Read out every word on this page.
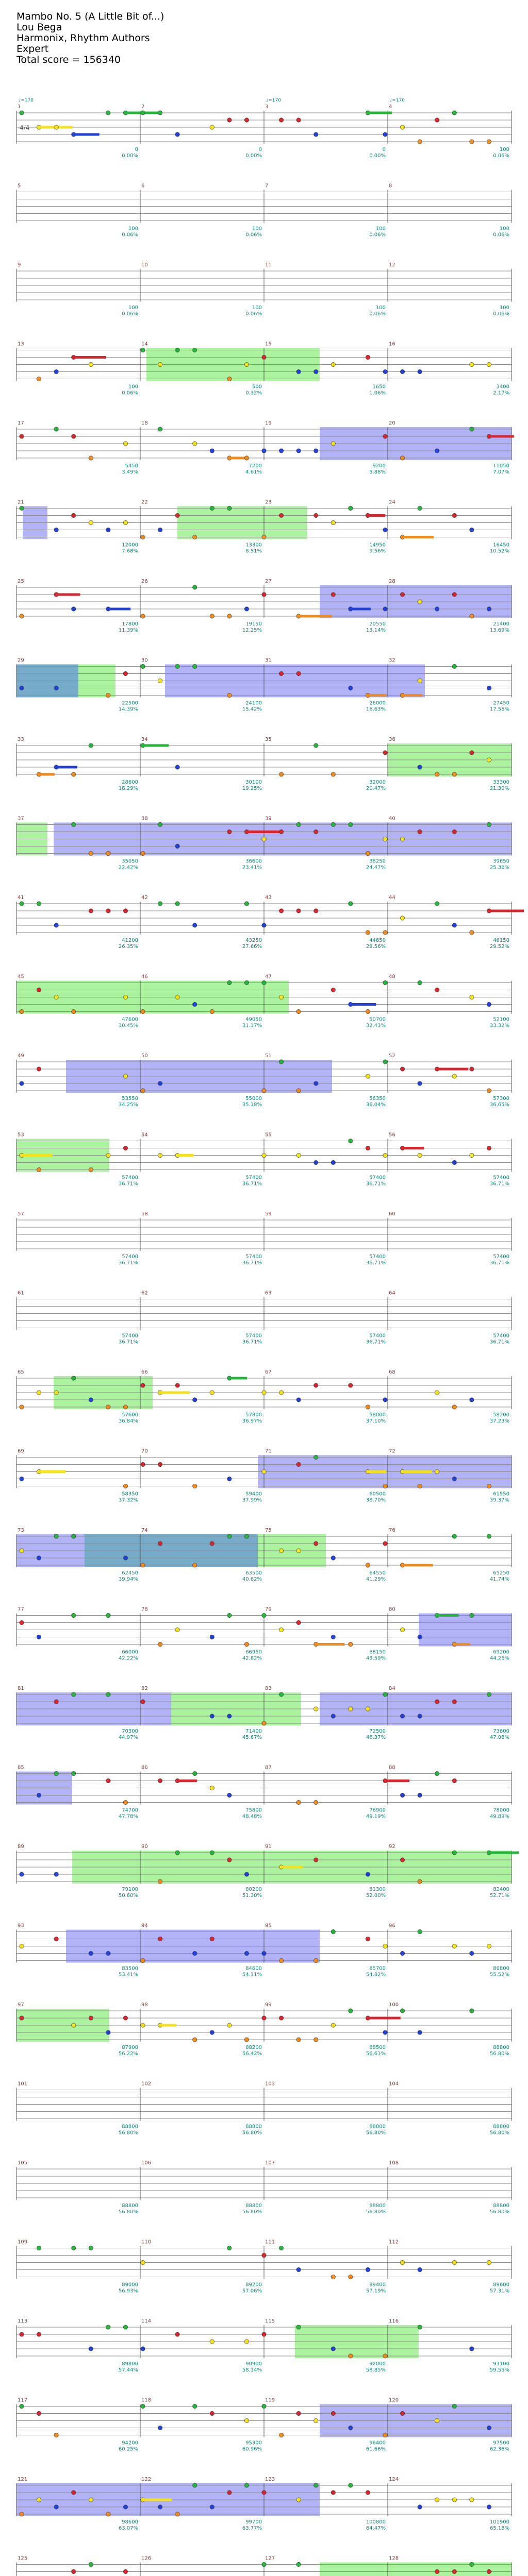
Mambo No. 5 (A Little Bit of...)
Lou Bega
Harmonix, Rhythm Authors
Expert
Total score = 156340
1
0
0.00%
2
0
0.00%
3
0
0.00%
4
100
0.06%
5
100
0.06%
6
100
0.06%
7
100
0.06%
8
100
0.06%
9
100
0.06%
10
100
0.06%
11
100
0.06%
12
100
0.06%
13
100
0.06%
14
500
0.32%
15
1650
1.06%
16
3400
2.17%
17
5450
3.49%
18
7200
4.61%
19
9200
5.88%
20
11050
7.07%
21
12000
7.68%
22
13300
8.51%
23
14950
9.56%
24
16450
10.52%
25
17800
11.39%
26
19150
12.25%
27
20550
13.14%
28
21400
13.69%
29
22500
14.39%
30
24100
15.42%
31
26000
16.63%
32
27450
17.56%
33
28600
18.29%
34
30100
19.25%
35
32000
20.47%
36
33300
21.30%
37
35050
22.42%
38
36600
23.41%
39
38250
24.47%
40
39650
25.36%
41
41200
26.35%
42
43250
27.66%
43
44650
28.56%
44
46150
29.52%
45
47600
30.45%
46
49050
31.37%
47
50700
32.43%
48
52100
33.32%
49
53550
34.25%
50
55000
35.18%
51
56350
36.04%
52
57300
36.65%
53
57400
36.71%
54
57400
36.71%
55
57400
36.71%
56
57400
36.71%
57
57400
36.71%
58
57400
36.71%
59
57400
36.71%
60
57400
36.71%
61
57400
36.71%
62
57400
36.71%
63
57400
36.71%
64
57400
36.71%
65
57600
36.84%
66
57800
36.97%
67
58000
37.10%
68
58200
37.23%
69
58350
37.32%
70
59400
37.99%
71
60500
38.70%
72
61550
39.37%
73
62450
39.94%
74
63500
40.62%
75
64550
41.29%
76
65250
41.74%
77
66000
42.22%
78
66950
42.82%
79
68150
43.59%
80
69200
44.26%
81
70300
44.97%
82
71400
45.67%
83
72500
46.37%
84
73600
47.08%
85
74700
47.78%
86
75800
48.48%
87
76900
49.19%
88
78000
49.89%
89
79100
50.60%
90
80200
51.30%
91
81300
52.00%
92
82400
52.71%
93
83500
53.41%
94
84600
54.11%
95
85700
54.82%
96
86800
55.52%
97
87900
56.22%
98
88200
56.42%
99
88500
56.61%
100
88800
56.80%
101
88800
56.80%
102
88800
56.80%
103
88800
56.80%
104
88800
56.80%
105
88800
56.80%
106
88800
56.80%
107
88800
56.80%
108
88800
56.80%
109
89000
56.93%
110
89200
57.06%
111
89400
57.19%
112
89600
57.31%
113
89800
57.44%
114
90900
58.14%
115
92000
58.85%
116
93100
59.55%
117
94200
60.25%
118
95300
60.96%
119
96400
61.66%
120
97500
62.36%
121
98600
63.07%
122
99700
63.77%
123
100800
64.47%
124
101900
65.18%
125	126	127	128
♩=170	♩=170	♩=170
4/4
